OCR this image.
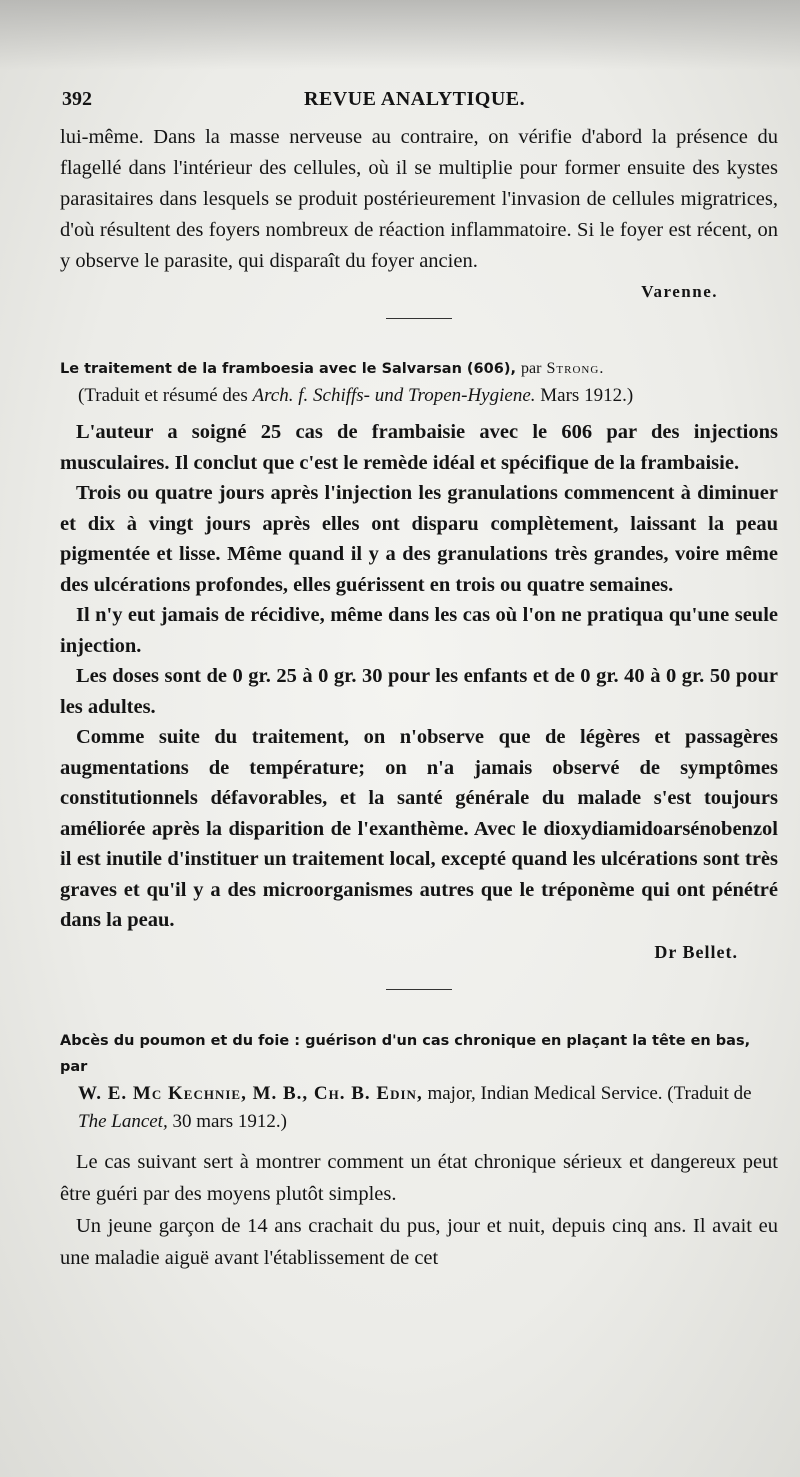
392	REVUE ANALYTIQUE.

lui-même. Dans la masse nerveuse au contraire, on vérifie d'abord la présence du flagellé dans l'intérieur des cellules, où il se multiplie pour former ensuite des kystes parasitaires dans lesquels se produit postérieurement l'invasion de cellules migratrices, d'où résultent des foyers nombreux de réaction inflammatoire. Si le foyer est récent, on y observe le parasite, qui disparaît du foyer ancien.

Varenne.
Le traitement de la framboesia avec le Salvarsan (606), par Strong.
(Traduit et résumé des Arch. f. Schiffs- und Tropen-Hygiene. Mars 1912.)

L'auteur a soigné 25 cas de frambaisie avec le 606 par des injections musculaires. Il conclut que c'est le remède idéal et spécifique de la frambaisie.

Trois ou quatre jours après l'injection les granulations commencent à diminuer et dix à vingt jours après elles ont disparu complètement, laissant la peau pigmentée et lisse. Même quand il y a des granulations très grandes, voire même des ulcérations profondes, elles guérissent en trois ou quatre semaines.

Il n'y eut jamais de récidive, même dans les cas où l'on ne pratiqua qu'une seule injection.

Les doses sont de 0 gr. 25 à 0 gr. 30 pour les enfants et de 0 gr. 40 à 0 gr. 50 pour les adultes.

Comme suite du traitement, on n'observe que de légères et passagères augmentations de température; on n'a jamais observé de symptômes constitutionnels défavorables, et la santé générale du malade s'est toujours améliorée après la disparition de l'exanthème. Avec le dioxydiamidoarsénobenzol il est inutile d'instituer un traitement local, excepté quand les ulcérations sont très graves et qu'il y a des microorganismes autres que le tréponème qui ont pénétré dans la peau.

Dr Bellet.
Abcès du poumon et du foie : guérison d'un cas chronique en plaçant la tête en bas, par
W. E. Mc Kechnie, M. B., Ch. B. Edin, major, Indian Medical Service. (Traduit de The Lancet, 30 mars 1912.)

Le cas suivant sert à montrer comment un état chronique sérieux et dangereux peut être guéri par des moyens plutôt simples.

Un jeune garçon de 14 ans crachait du pus, jour et nuit, depuis cinq ans. Il avait eu une maladie aiguë avant l'établissement de cet
